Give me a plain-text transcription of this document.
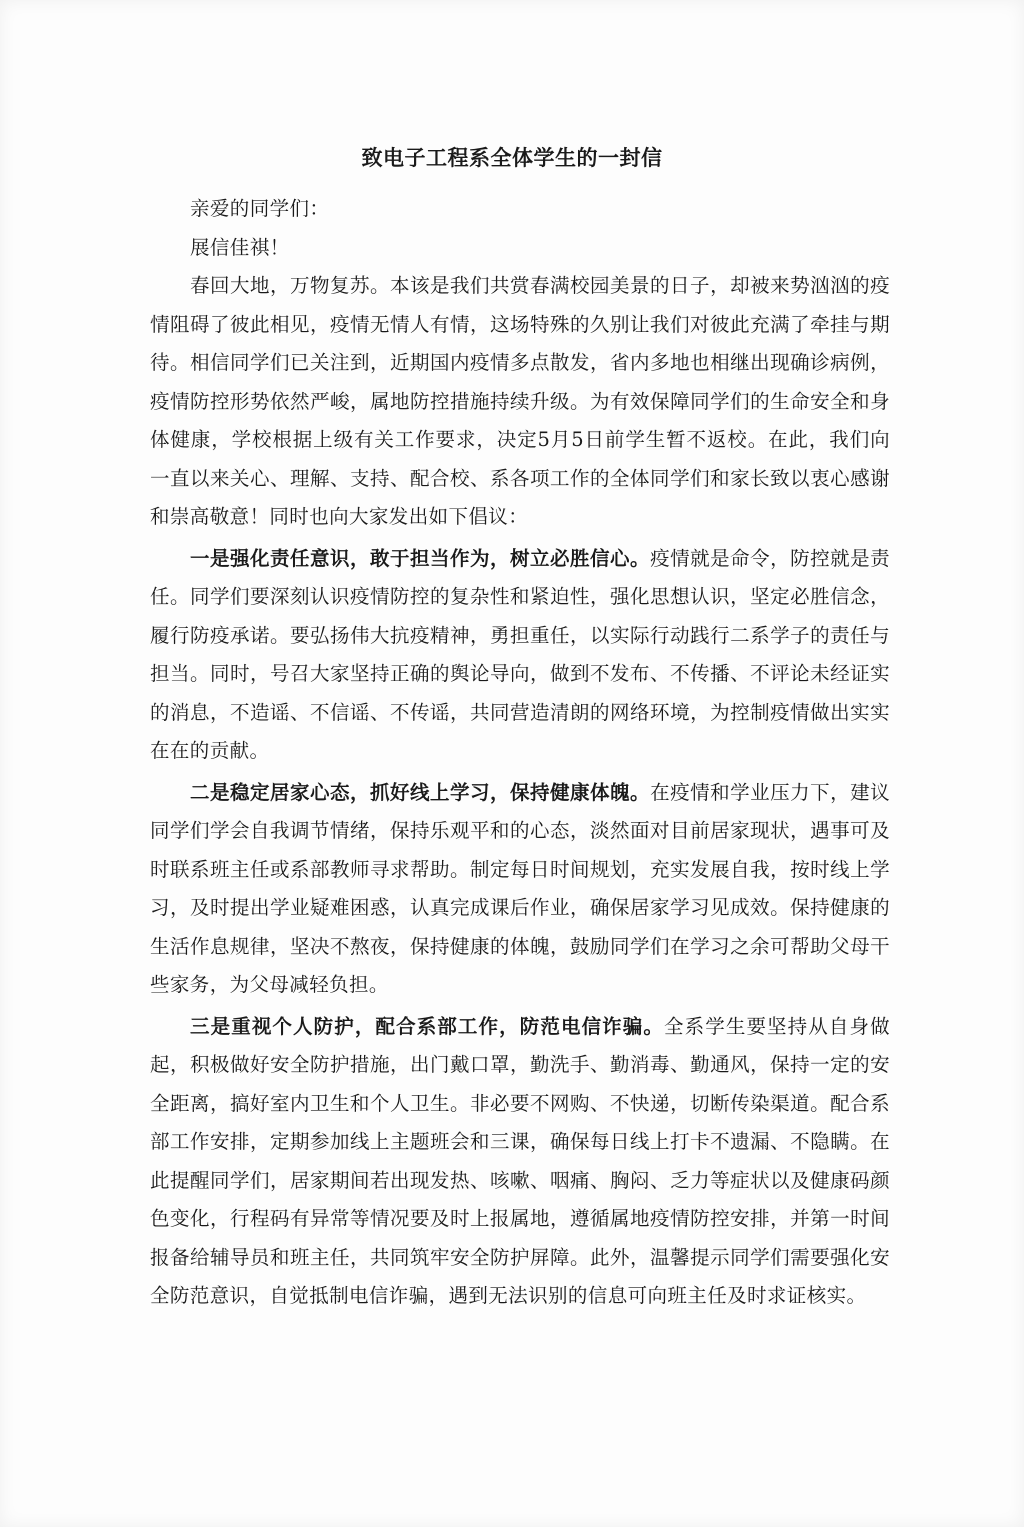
致电子工程系全体学生的一封信

亲爱的同学们：

展信佳祺！

春回大地，万物复苏。本该是我们共赏春满校园美景的日子，却被来势汹汹的疫情阻碍了彼此相见，疫情无情人有情，这场特殊的久别让我们对彼此充满了牵挂与期待。相信同学们已关注到，近期国内疫情多点散发，省内多地也相继出现确诊病例，疫情防控形势依然严峻，属地防控措施持续升级。为有效保障同学们的生命安全和身体健康，学校根据上级有关工作要求，决定5月5日前学生暂不返校。在此，我们向一直以来关心、理解、支持、配合校、系各项工作的全体同学们和家长致以衷心感谢和崇高敬意！同时也向大家发出如下倡议：

一是强化责任意识，敢于担当作为，树立必胜信心。疫情就是命令，防控就是责任。同学们要深刻认识疫情防控的复杂性和紧迫性，强化思想认识，坚定必胜信念，履行防疫承诺。要弘扬伟大抗疫精神，勇担重任，以实际行动践行二系学子的责任与担当。同时，号召大家坚持正确的舆论导向，做到不发布、不传播、不评论未经证实的消息，不造谣、不信谣、不传谣，共同营造清朗的网络环境，为控制疫情做出实实在在的贡献。

二是稳定居家心态，抓好线上学习，保持健康体魄。在疫情和学业压力下，建议同学们学会自我调节情绪，保持乐观平和的心态，淡然面对目前居家现状，遇事可及时联系班主任或系部教师寻求帮助。制定每日时间规划，充实发展自我，按时线上学习，及时提出学业疑难困惑，认真完成课后作业，确保居家学习见成效。保持健康的生活作息规律，坚决不熬夜，保持健康的体魄，鼓励同学们在学习之余可帮助父母干些家务，为父母减轻负担。

三是重视个人防护，配合系部工作，防范电信诈骗。全系学生要坚持从自身做起，积极做好安全防护措施，出门戴口罩，勤洗手、勤消毒、勤通风，保持一定的安全距离，搞好室内卫生和个人卫生。非必要不网购、不快递，切断传染渠道。配合系部工作安排，定期参加线上主题班会和三课，确保每日线上打卡不遗漏、不隐瞒。在此提醒同学们，居家期间若出现发热、咳嗽、咽痛、胸闷、乏力等症状以及健康码颜色变化，行程码有异常等情况要及时上报属地，遵循属地疫情防控安排，并第一时间报备给辅导员和班主任，共同筑牢安全防护屏障。此外，温馨提示同学们需要强化安全防范意识，自觉抵制电信诈骗，遇到无法识别的信息可向班主任及时求证核实。
